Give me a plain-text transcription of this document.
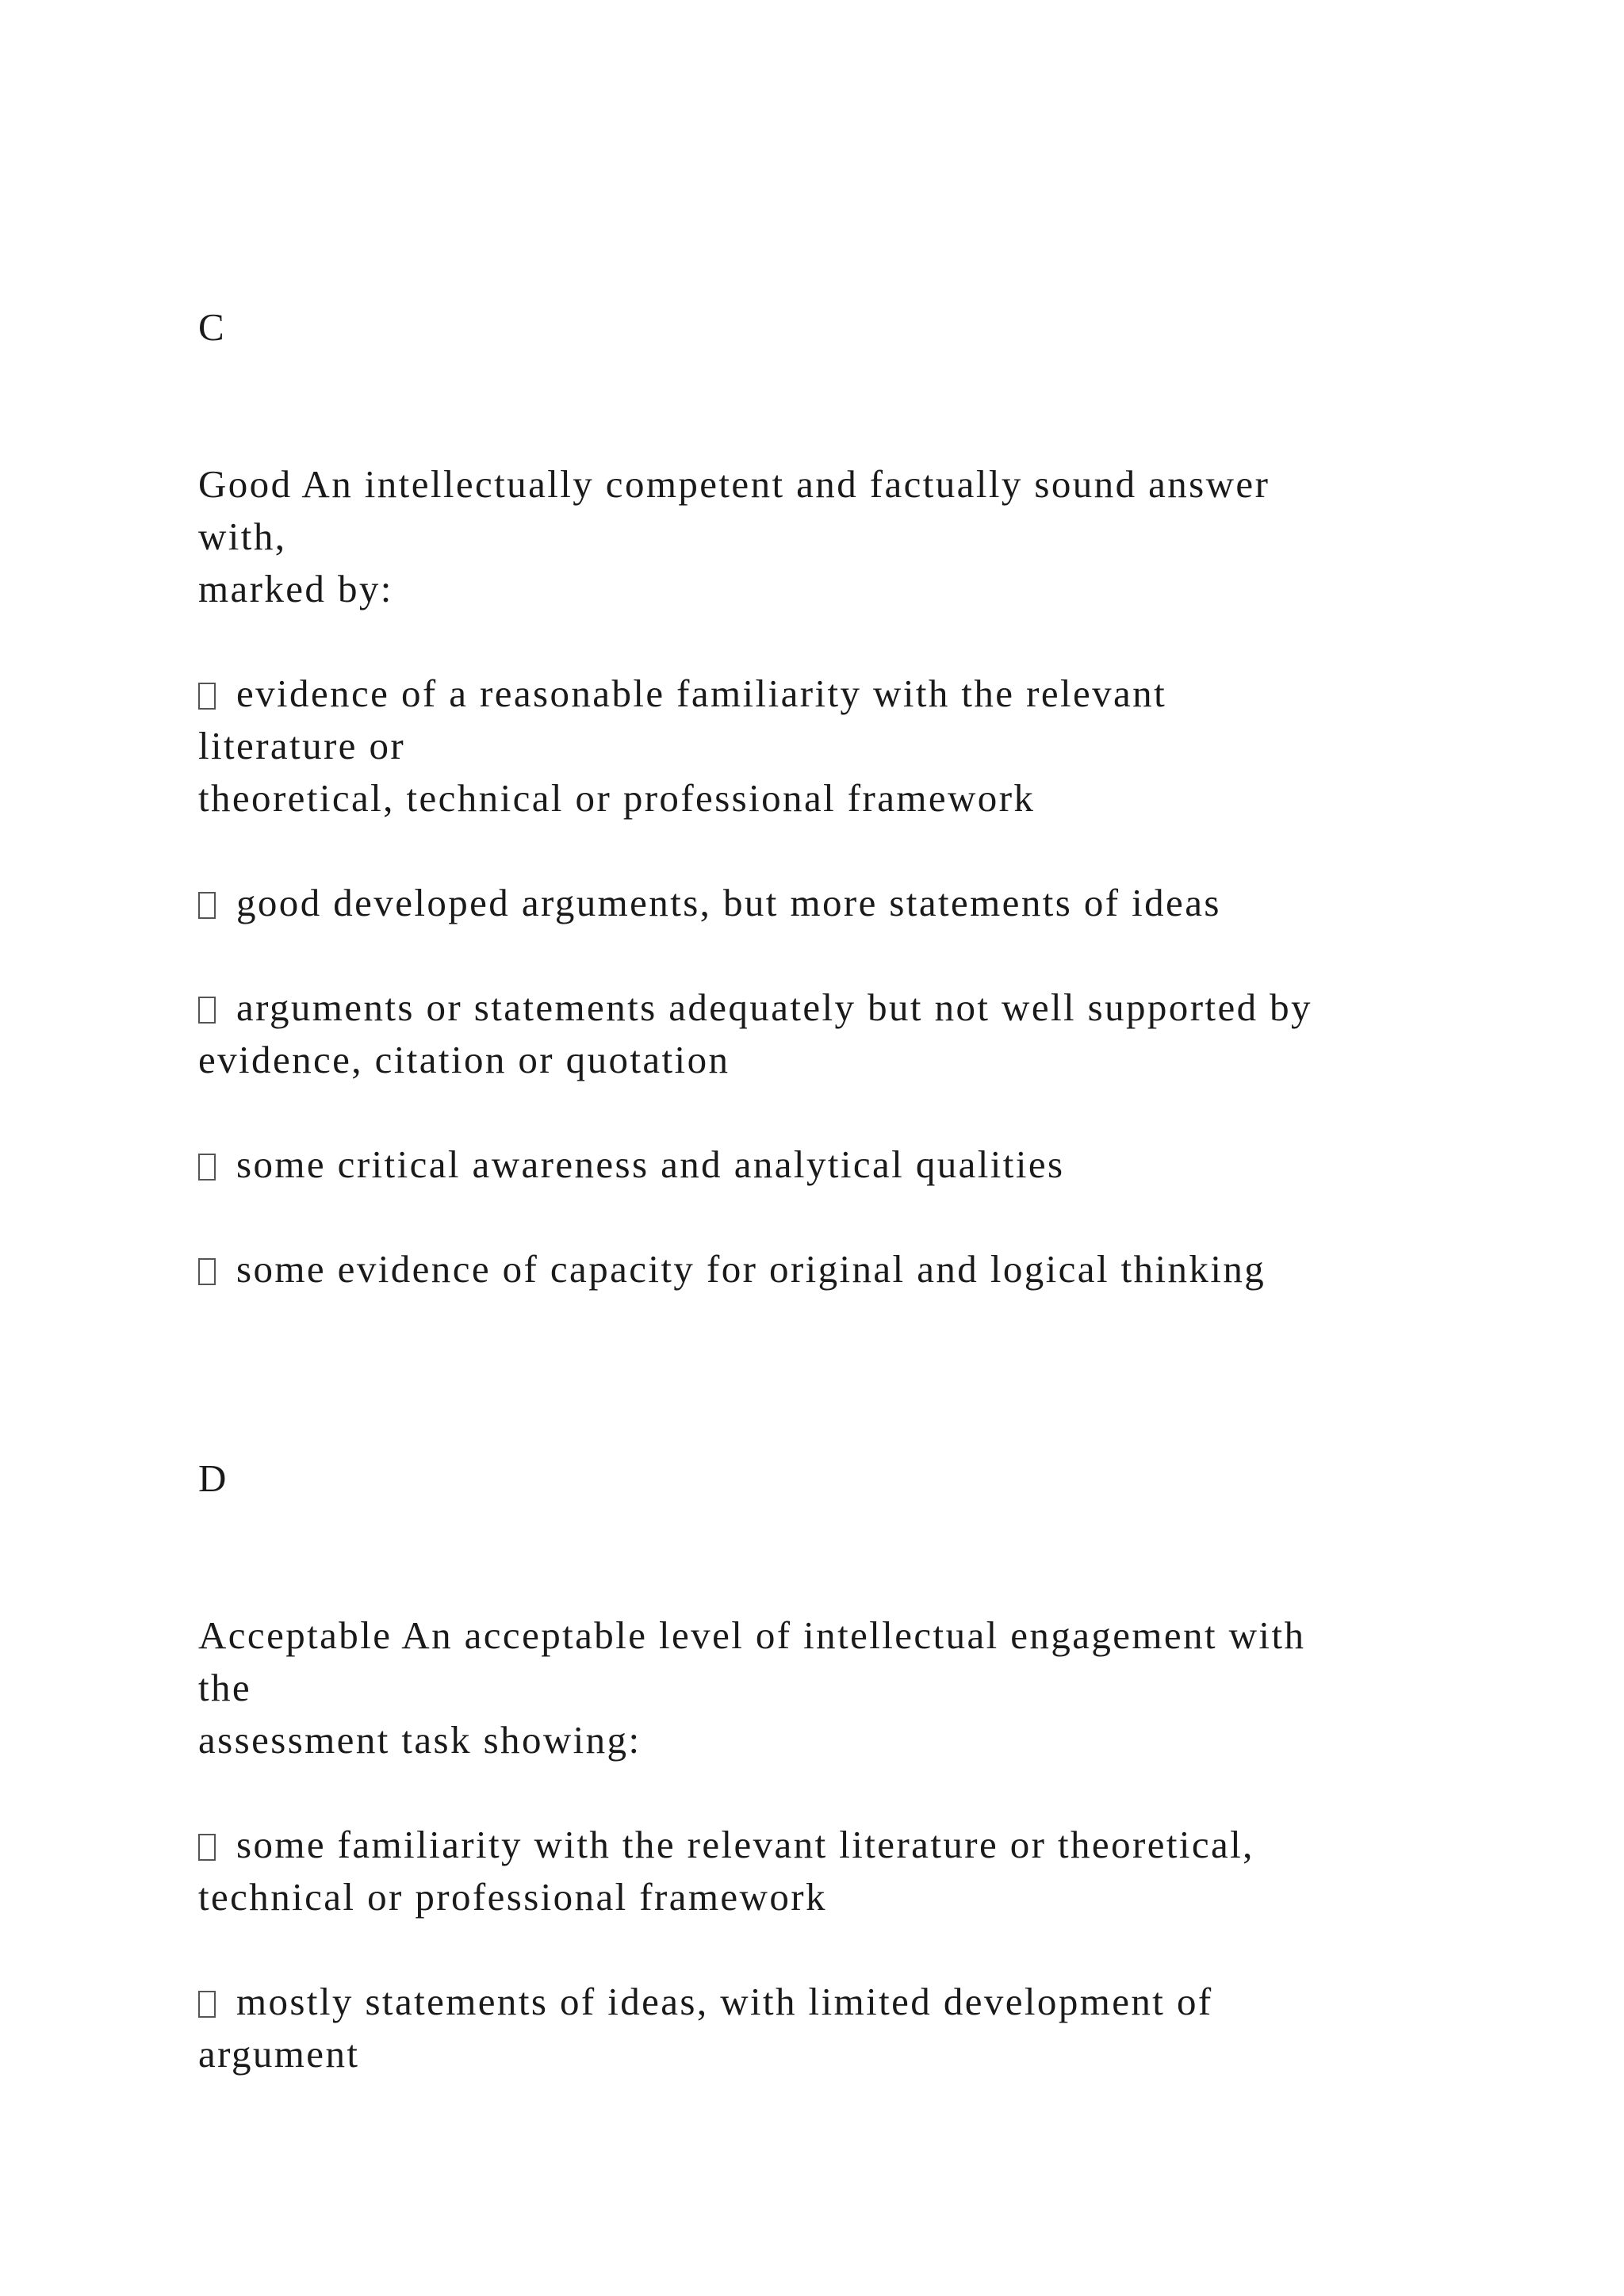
C

Good An intellectually competent and factually sound answer

with,

marked by:

evidence of a reasonable familiarity with the relevant

literature or

theoretical, technical or professional framework

good developed arguments, but more statements of ideas

arguments or statements adequately but not well supported by

evidence, citation or quotation

some critical awareness and analytical qualities

some evidence of capacity for original and logical thinking

D

Acceptable An acceptable level of intellectual engagement with

the

assessment task showing:

some familiarity with the relevant literature or theoretical,

technical or professional framework

mostly statements of ideas, with limited development of

argument
